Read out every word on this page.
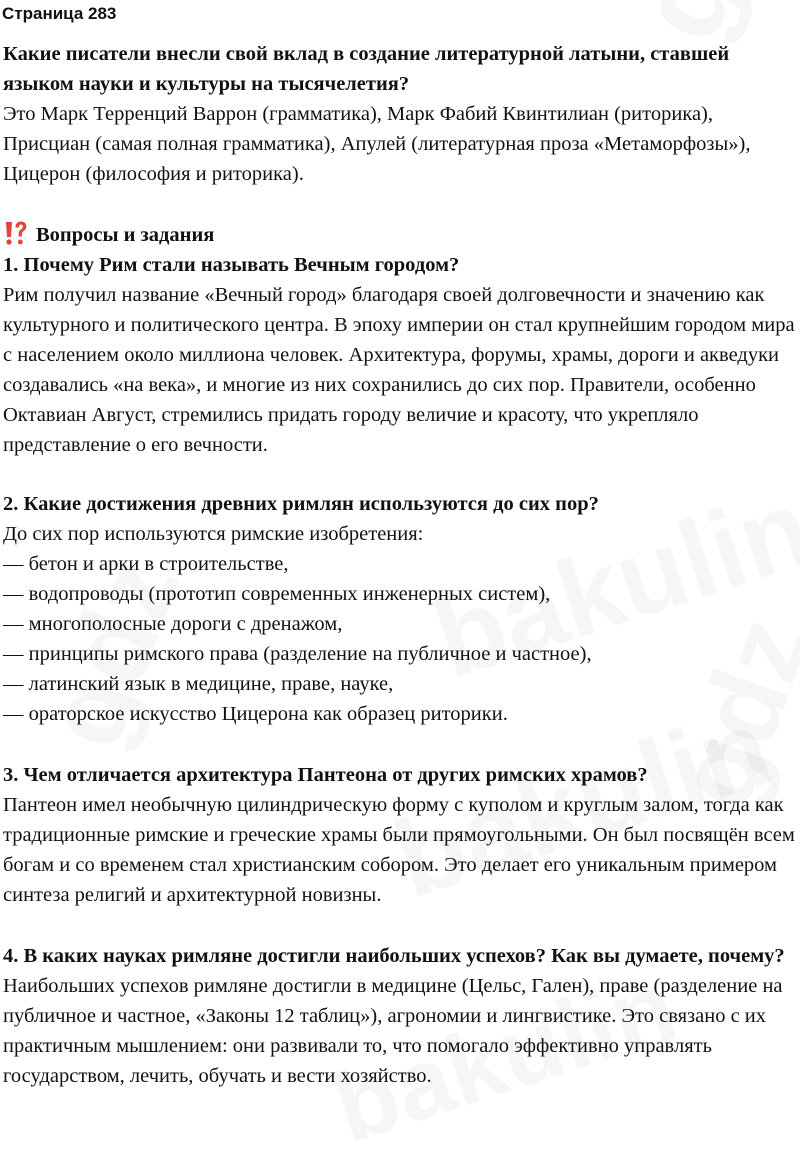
Страница 283

Какие писатели внесли свой вклад в создание литературной латыни, ставшей языком науки и культуры на тысячелетия?

Это Марк Терренций Варрон (грамматика), Марк Фабий Квинтилиан (риторика), Присциан (самая полная грамматика), Апулей (литературная проза «Метаморфозы»), Цицерон (философия и риторика).

Вопросы и задания

1. Почему Рим стали называть Вечным городом?

Рим получил название «Вечный город» благодаря своей долговечности и значению как культурного и политического центра. В эпоху империи он стал крупнейшим городом мира с населением около миллиона человек. Архитектура, форумы, храмы, дороги и акведуки создавались «на века», и многие из них сохранились до сих пор. Правители, особенно Октавиан Август, стремились придать городу величие и красоту, что укрепляло представление о его вечности.

2. Какие достижения древних римлян используются до сих пор?

До сих пор используются римские изобретения:

— бетон и арки в строительстве,

— водопроводы (прототип современных инженерных систем),

— многополосные дороги с дренажом,

— принципы римского права (разделение на публичное и частное),

— латинский язык в медицине, праве, науке,

— ораторское искусство Цицерона как образец риторики.

3. Чем отличается архитектура Пантеона от других римских храмов?

Пантеон имел необычную цилиндрическую форму с куполом и круглым залом, тогда как традиционные римские и греческие храмы были прямоугольными. Он был посвящён всем богам и со временем стал христианским собором. Это делает его уникальным примером синтеза религий и архитектурной новизны.

4. В каких науках римляне достигли наибольших успехов? Как вы думаете, почему?

Наибольших успехов римляне достигли в медицине (Цельс, Гален), праве (разделение на публичное и частное, «Законы 12 таблиц»), агрономии и лингвистике. Это связано с их практичным мышлением: они развивали то, что помогало эффективно управлять государством, лечить, обучать и вести хозяйство.
